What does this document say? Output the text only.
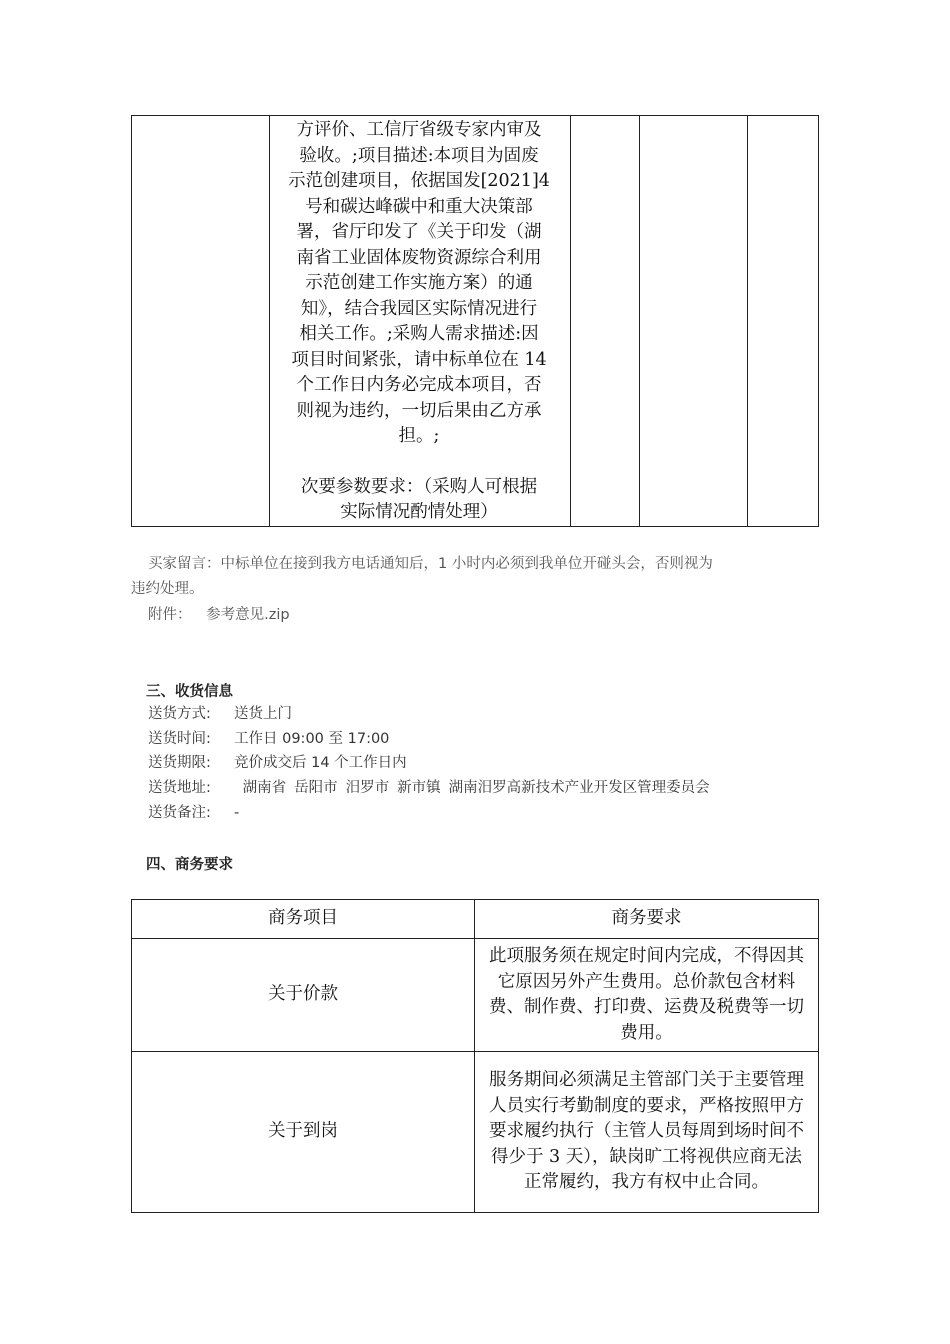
方评价、工信厅省级专家内审及

验收。;项目描述:本项目为固废

示范创建项目，依据国发[2021]4

号和碳达峰碳中和重大决策部

署，省厅印发了《关于印发（湖

南省工业固体废物资源综合利用

示范创建工作实施方案）的通

知》，结合我园区实际情况进行

相关工作。;采购人需求描述:因

项目时间紧张，请中标单位在 14

个工作日内务必完成本项目，否

则视为违约，一切后果由乙方承

担。;

次要参数要求：（采购人可根据

实际情况酌情处理）

买家留言：中标单位在接到我方电话通知后，1 小时内必须到我单位开碰头会，否则视为
违约处理。
附件： 参考意见.zip
三、收货信息
送货方式: 送货上门
送货时间: 工作日 09:00 至 17:00
送货期限: 竞价成交后 14 个工作日内
送货地址: 湖南省 岳阳市 汨罗市 新市镇 湖南汨罗高新技术产业开发区管理委员会
送货备注: -
四、商务要求
商务项目	商务要求
关于价款	此项服务须在规定时间内完成，不得因其它原因另外产生费用。总价款包含材料费、制作费、打印费、运费及税费等一切费用。
关于到岗	服务期间必须满足主管部门关于主要管理人员实行考勤制度的要求，严格按照甲方要求履约执行（主管人员每周到场时间不得少于 3 天），缺岗旷工将视供应商无法正常履约，我方有权中止合同。
